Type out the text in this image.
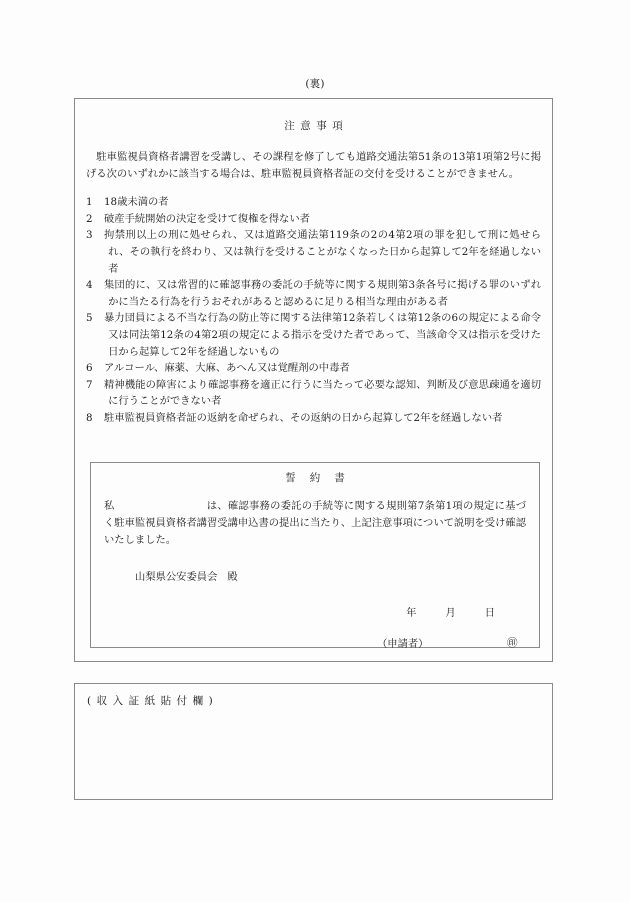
(裏)
注意事項
駐車監視員資格者講習を受講し、その課程を修了しても道路交通法第51条の13第1項第2号に掲げる次のいずれかに該当する場合は、駐車監視員資格者証の交付を受けることができません。
1	18歳未満の者
2	破産手続開始の決定を受けて復権を得ない者
3	拘禁刑以上の刑に処せられ、又は道路交通法第119条の2の4第2項の罪を犯して刑に処せられ、その執行を終わり、又は執行を受けることがなくなった日から起算して2年を経過しない者
4	集団的に、又は常習的に確認事務の委託の手続等に関する規則第3条各号に掲げる罪のいずれかに当たる行為を行うおそれがあると認めるに足りる相当な理由がある者
5	暴力団員による不当な行為の防止等に関する法律第12条若しくは第12条の6の規定による命令又は同法第12条の4第2項の規定による指示を受けた者であって、当該命令又は指示を受けた日から起算して2年を経過しないもの
6	アルコール、麻薬、大麻、あへん又は覚醒剤の中毒者
7	精神機能の障害により確認事務を適正に行うに当たって必要な認知、判断及び意思疎通を適切に行うことができない者
8	駐車監視員資格者証の返納を命ぜられ、その返納の日から起算して2年を経過しない者
誓約書
私	は、確認事務の委託の手続等に関する規則第7条第1項の規定に基づく駐車監視員資格者講習受講申込書の提出に当たり、上記注意事項について説明を受け確認いたしました。
山梨県公安委員会 殿
年	月	日
（申請者）	㊞
(収入証紙貼付欄)
